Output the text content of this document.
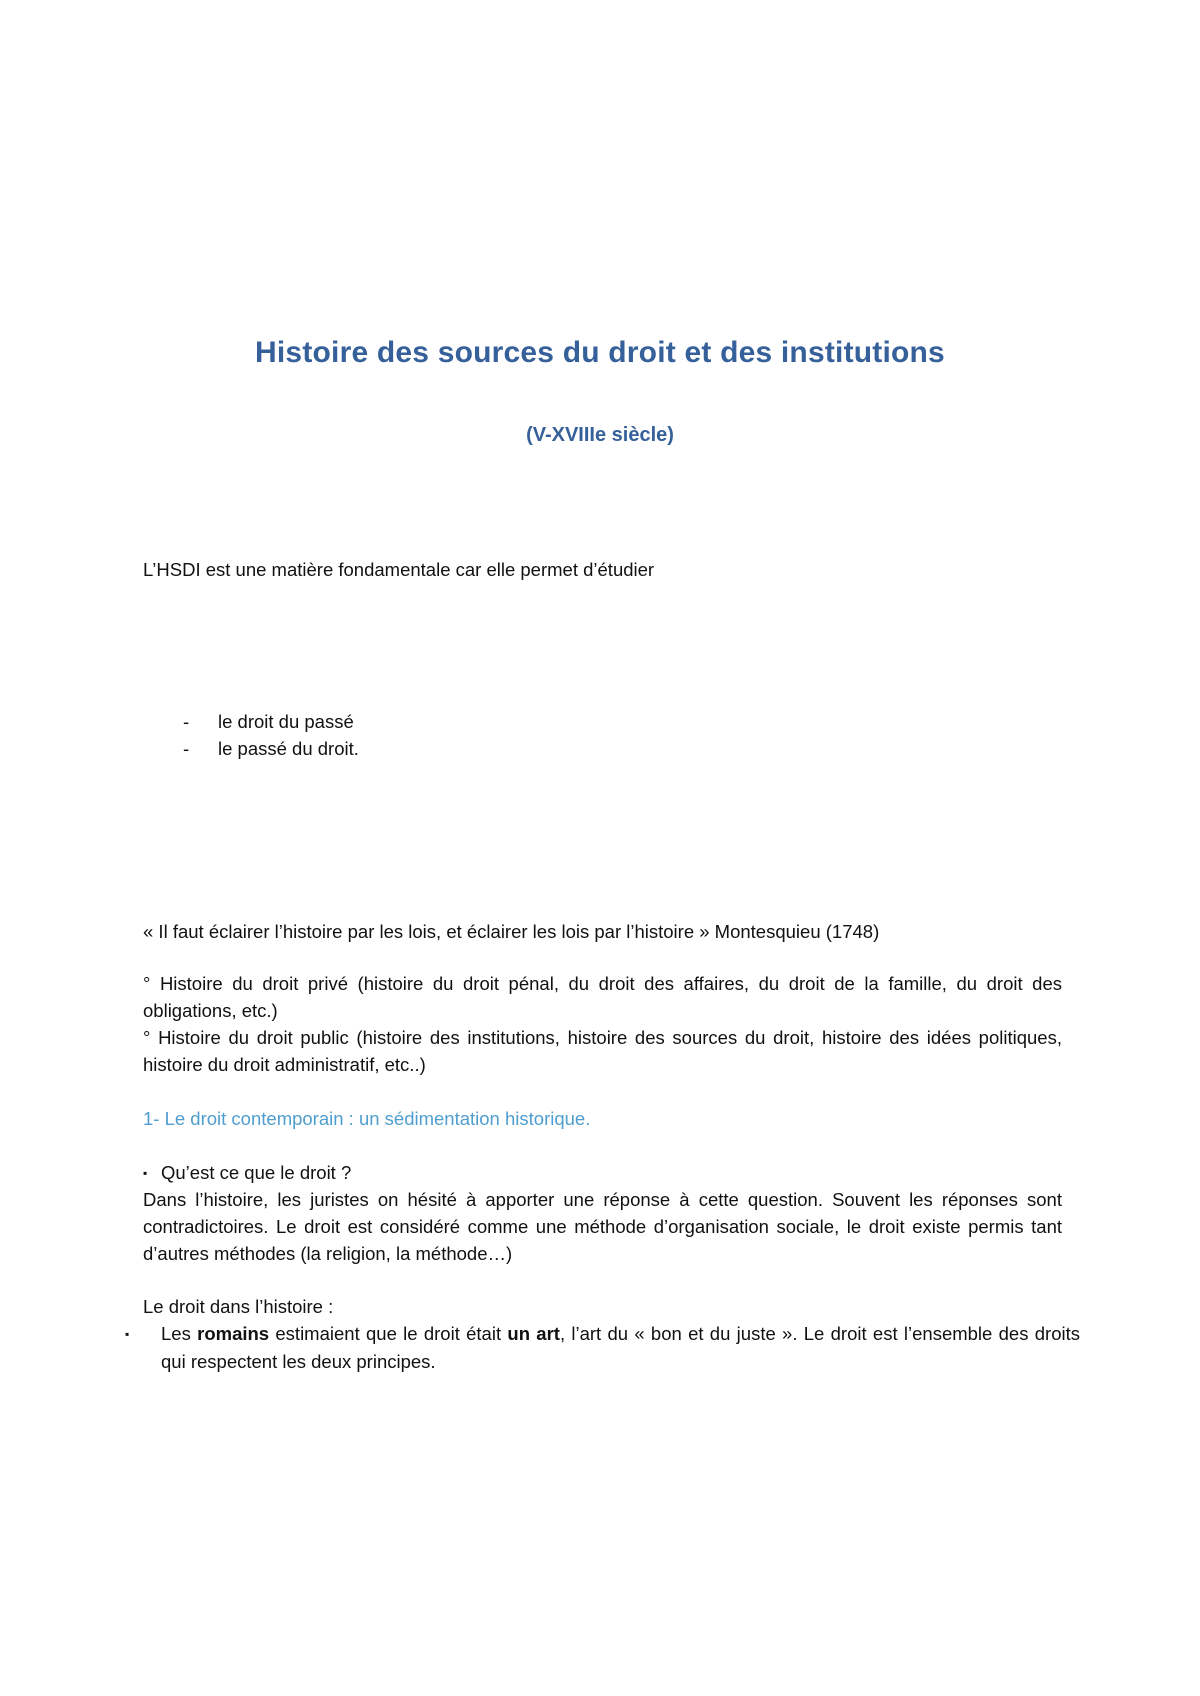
Histoire des sources du droit et des institutions
(V-XVIIIe siècle)
L’HSDI est une matière fondamentale car elle permet d’étudier
- le droit du passé
- le passé du droit.
« Il faut éclairer l’histoire par les lois, et éclairer les lois par l’histoire » Montesquieu (1748)
° Histoire du droit privé (histoire du droit pénal, du droit des affaires, du droit de la famille, du droit des obligations, etc.)
° Histoire du droit public (histoire des institutions, histoire des sources du droit, histoire des idées politiques, histoire du droit administratif, etc..)
1- Le droit contemporain : un sédimentation historique.
▪ Qu’est ce que le droit ?
Dans l’histoire, les juristes on hésité à apporter une réponse à cette question. Souvent les réponses sont contradictoires. Le droit est considéré comme une méthode d’organisation sociale, le droit existe permis tant d’autres méthodes (la religion, la méthode…)
Le droit dans l’histoire :
▪ Les romains estimaient que le droit était un art, l’art du « bon et du juste ». Le droit est l’ensemble des droits qui respectent les deux principes.
